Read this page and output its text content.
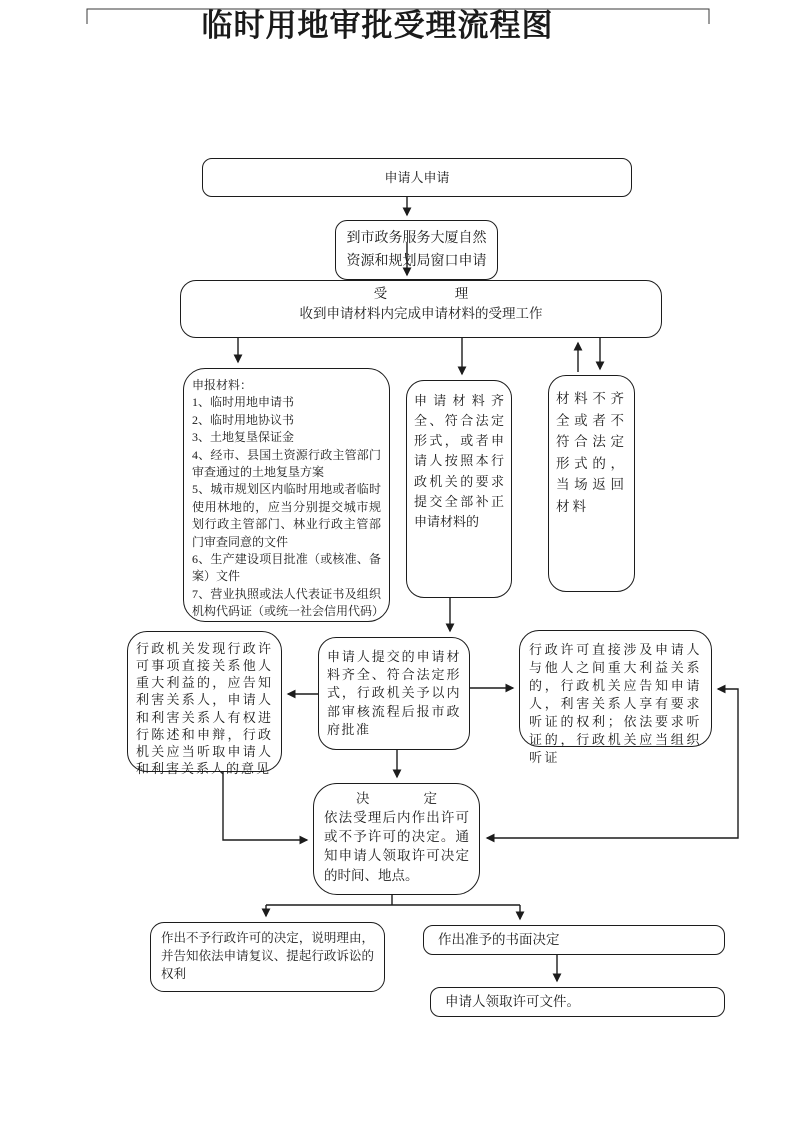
临时用地审批受理流程图
申请人申请
到市政务服务大厦自然资源和规划局窗口申请
受　　　　　理
收到申请材料内完成申请材料的受理工作
申报材料：
1、临时用地申请书
2、临时用地协议书
3、土地复垦保证金
4、经市、县国土资源行政主管部门审查通过的土地复垦方案
5、城市规划区内临时用地或者临时使用林地的，应当分别提交城市规划行政主管部门、林业行政主管部门审查同意的文件
6、生产建设项目批准（或核准、备案）文件
7、营业执照或法人代表证书及组织机构代码证（或统一社会信用代码）
申请材料齐全、符合法定形式，或者申请人按照本行政机关的要求提交全部补正申请材料的
材料不齐全或者不符合法定形式的，当场返回材料
行政机关发现行政许可事项直接关系他人重大利益的，应告知利害关系人，申请人和利害关系人有权进行陈述和申辩，行政机关应当听取申请人和利害关系人的意见
申请人提交的申请材料齐全、符合法定形式，行政机关予以内部审核流程后报市政府批准
行政许可直接涉及申请人与他人之间重大利益关系的，行政机关应告知申请人，利害关系人享有要求听证的权利；依法要求听证的，行政机关应当组织听证
决　　　　定
依法受理后内作出许可或不予许可的决定。通知申请人领取许可决定的时间、地点。
作出不予行政许可的决定，说明理由，并告知依法申请复议、提起行政诉讼的权利
作出准予的书面决定
申请人领取许可文件。
